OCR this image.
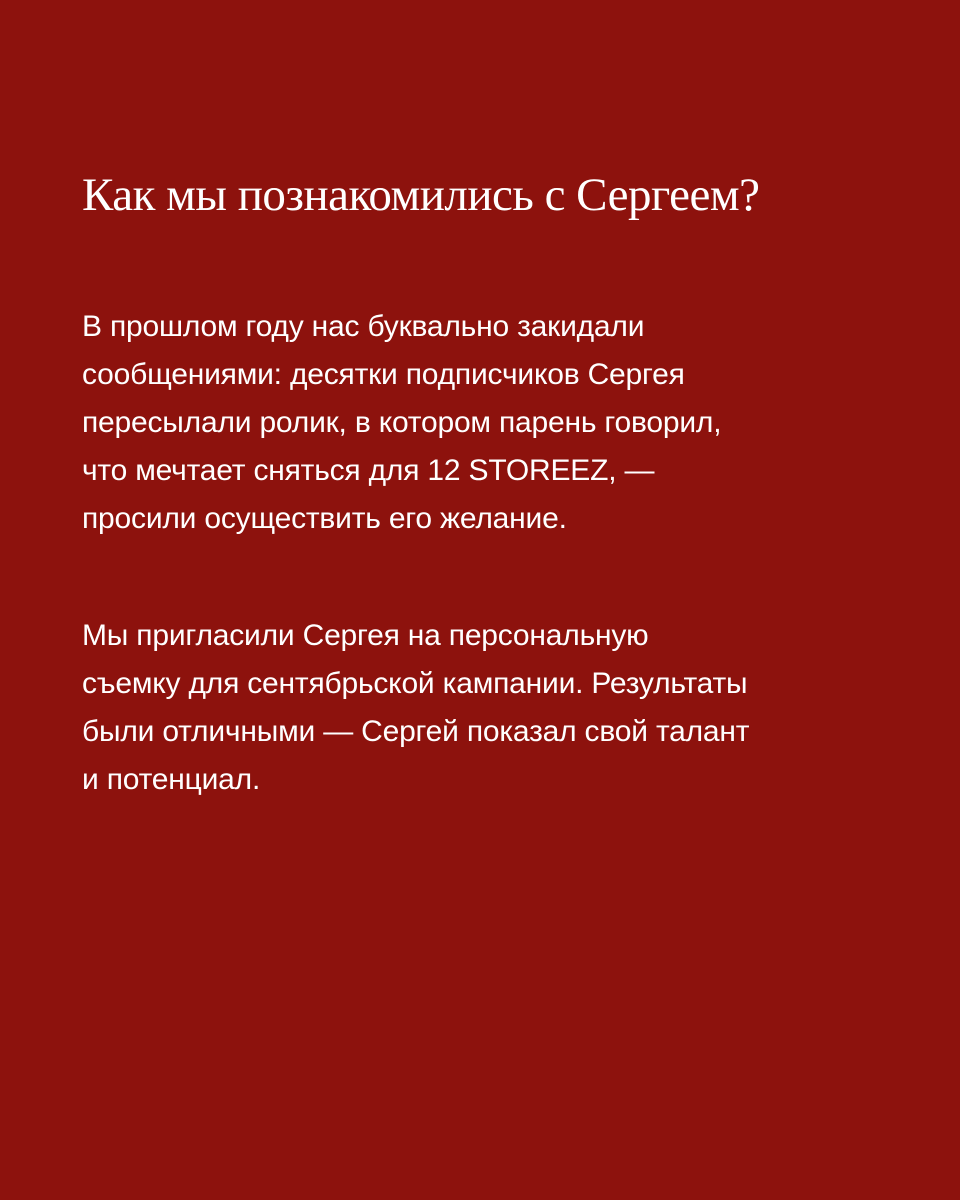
Как мы познакомились с Сергеем?

В прошлом году нас буквально закидали
сообщениями: десятки подписчиков Сергея
пересылали ролик, в котором парень говорил,
что мечтает сняться для 12 STOREEZ, —
просили осуществить его желание.

Мы пригласили Сергея на персональную
съемку для сентябрьской кампании. Результаты
были отличными — Сергей показал свой талант
и потенциал.
